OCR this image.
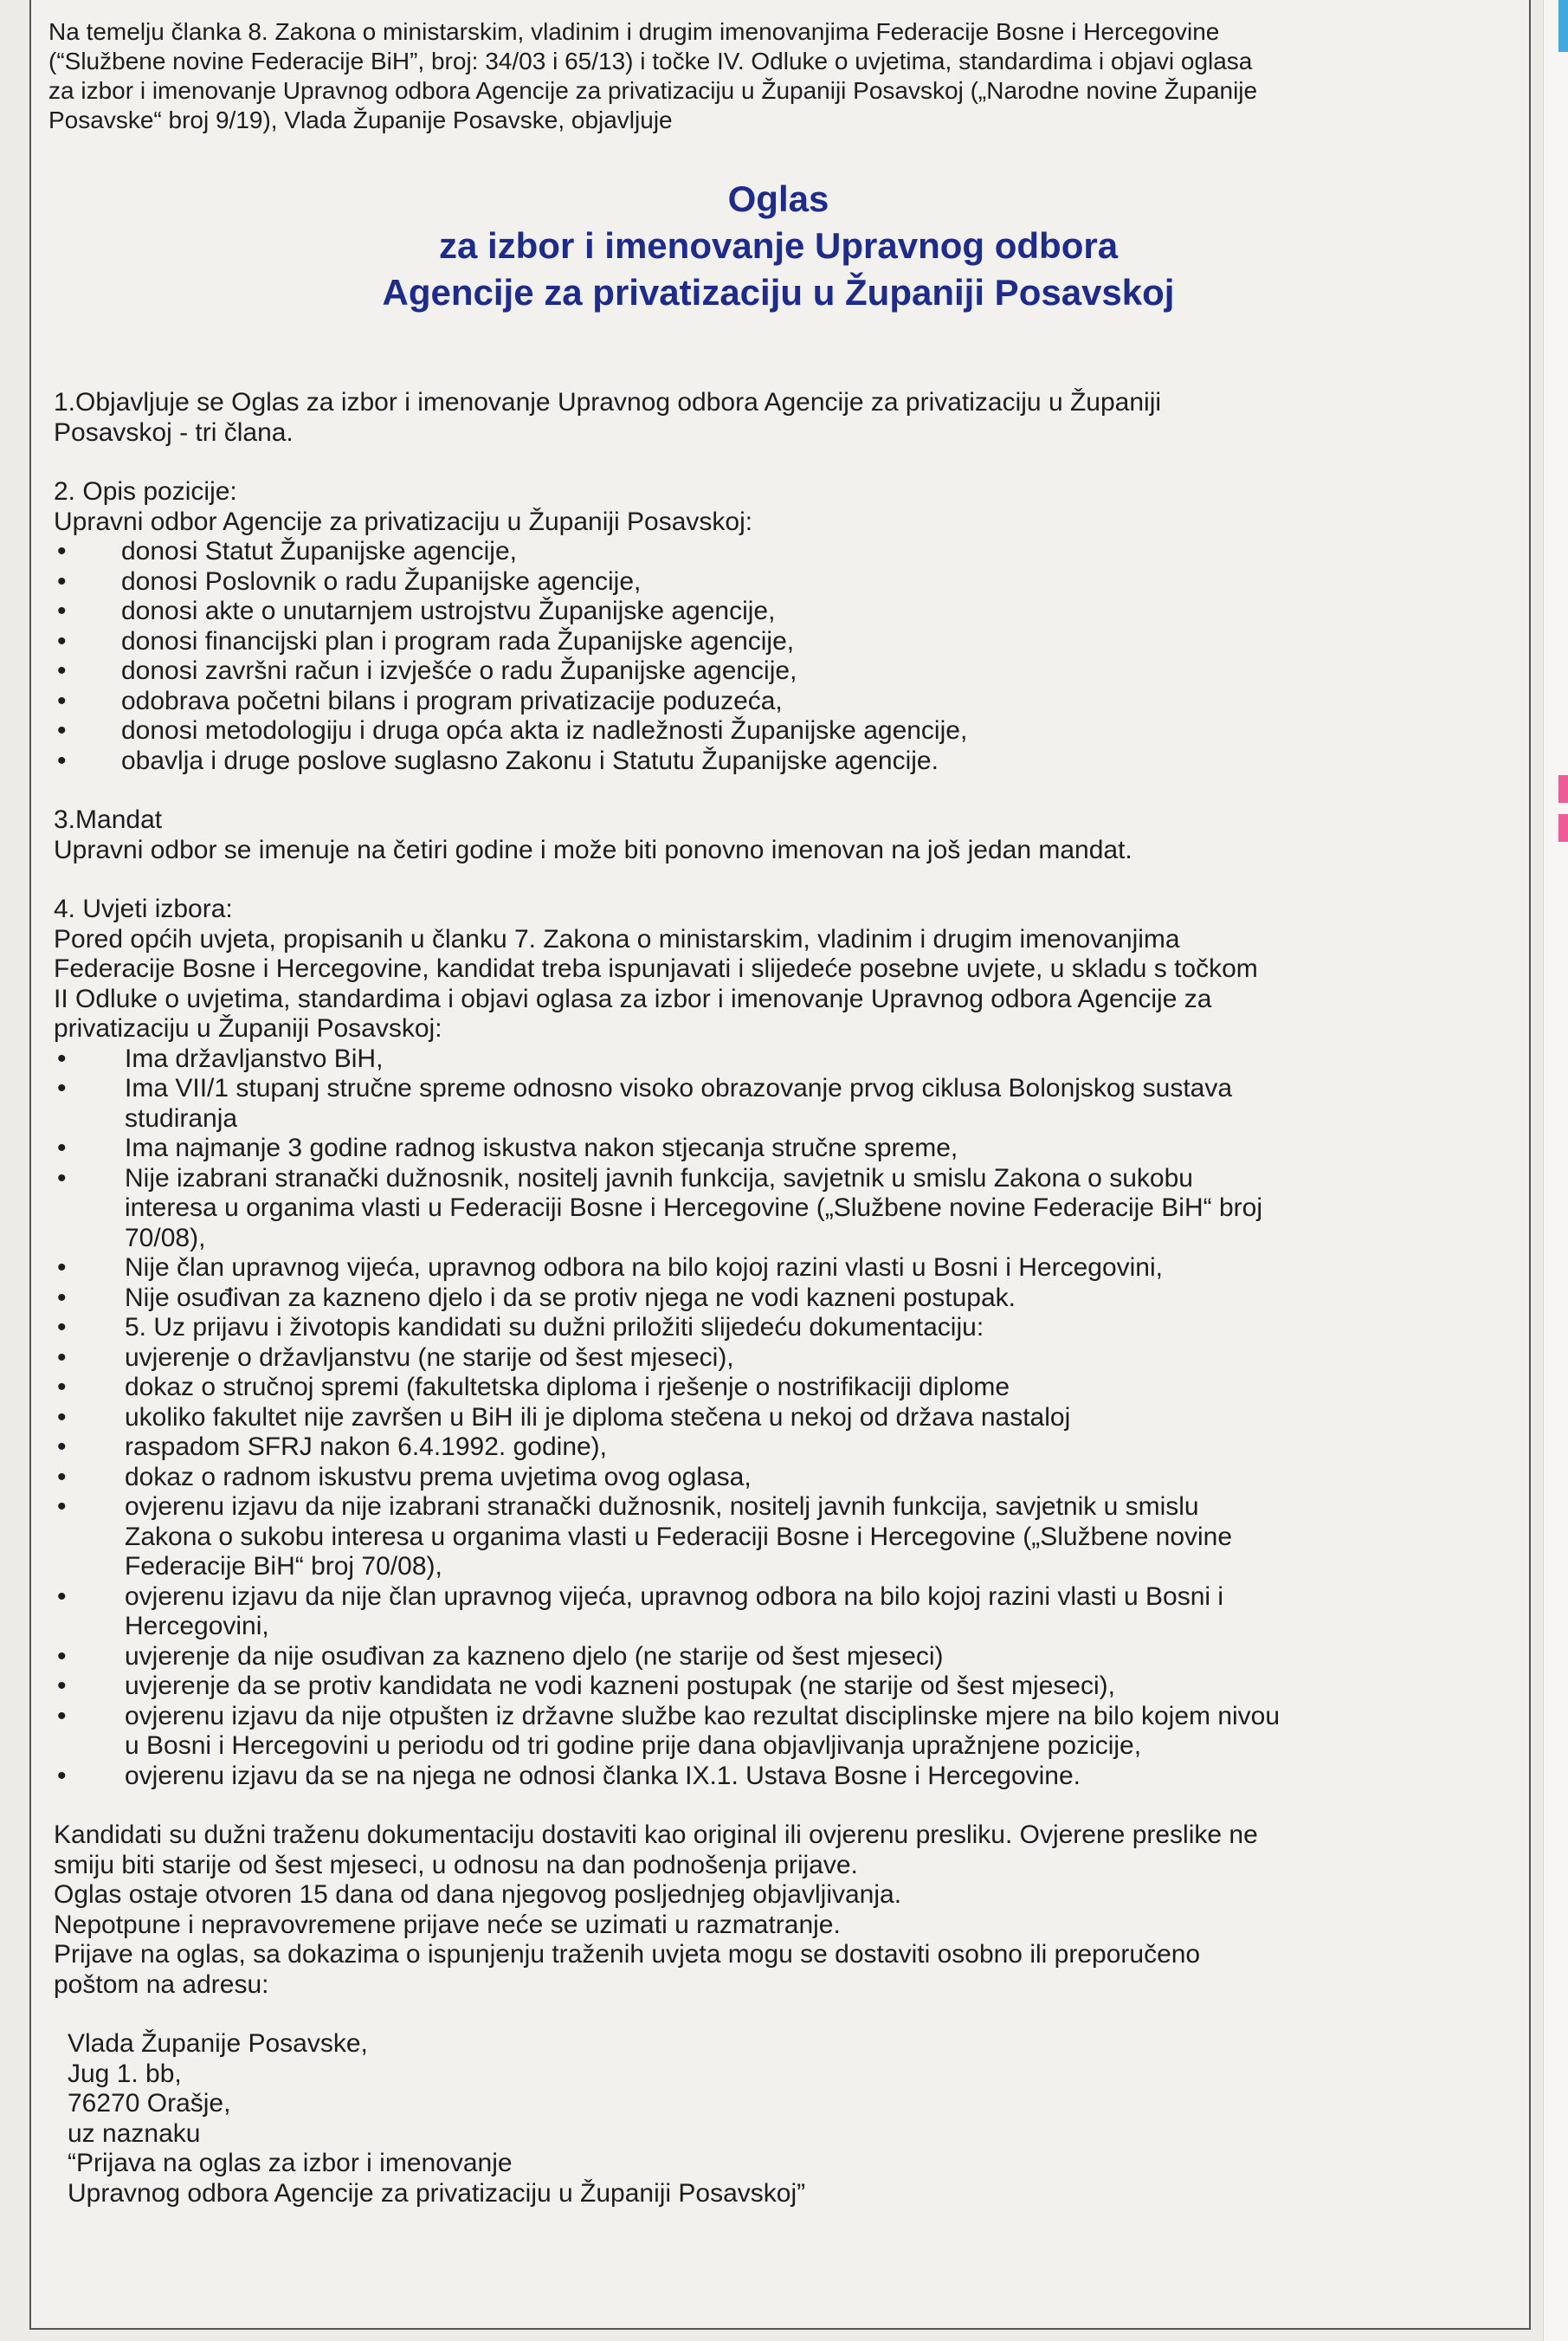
Na temelju članka 8. Zakona o ministarskim, vladinim i drugim imenovanjima Federacije Bosne i Hercegovine

(“Službene novine Federacije BiH”, broj: 34/03 i 65/13) i točke IV. Odluke o uvjetima, standardima i objavi oglasa

za izbor i imenovanje Upravnog odbora Agencije za privatizaciju u Županiji Posavskoj („Narodne novine Županije

Posavske“ broj 9/19), Vlada Županije Posavske, objavljuje

Oglas
za izbor i imenovanje Upravnog odbora
Agencije za privatizaciju u Županiji Posavskoj

1.Objavljuje se Oglas za izbor i imenovanje Upravnog odbora Agencije za privatizaciju u Županiji

Posavskoj - tri člana.

2. Opis pozicije:

Upravni odbor Agencije za privatizaciju u Županiji Posavskoj:

• donosi Statut Županijske agencije,
• donosi Poslovnik o radu Županijske agencije,
• donosi akte o unutarnjem ustrojstvu Županijske agencije,
• donosi financijski plan i program rada Županijske agencije,
• donosi završni račun i izvješće o radu Županijske agencije,
• odobrava početni bilans i program privatizacije poduzeća,
• donosi metodologiju i druga opća akta iz nadležnosti Županijske agencije,
• obavlja i druge poslove suglasno Zakonu i Statutu Županijske agencije.

3.Mandat

Upravni odbor se imenuje na četiri godine i može biti ponovno imenovan na još jedan mandat.

4. Uvjeti izbora:

Pored općih uvjeta, propisanih u članku 7. Zakona o ministarskim, vladinim i drugim imenovanjima

Federacije Bosne i Hercegovine, kandidat treba ispunjavati i slijedeće posebne uvjete, u skladu s točkom

II Odluke o uvjetima, standardima i objavi oglasa za izbor i imenovanje Upravnog odbora Agencije za

privatizaciju u Županiji Posavskoj:

• Ima državljanstvo BiH,
• Ima VII/1 stupanj stručne spreme odnosno visoko obrazovanje prvog ciklusa Bolonjskog sustava
studiranja
• Ima najmanje 3 godine radnog iskustva nakon stjecanja stručne spreme,
• Nije izabrani stranački dužnosnik, nositelj javnih funkcija, savjetnik u smislu Zakona o sukobu
interesa u organima vlasti u Federaciji Bosne i Hercegovine („Službene novine Federacije BiH“ broj
70/08),
• Nije član upravnog vijeća, upravnog odbora na bilo kojoj razini vlasti u Bosni i Hercegovini,
• Nije osuđivan za kazneno djelo i da se protiv njega ne vodi kazneni postupak.
• 5. Uz prijavu i životopis kandidati su dužni priložiti slijedeću dokumentaciju:
• uvjerenje o državljanstvu (ne starije od šest mjeseci),
• dokaz o stručnoj spremi (fakultetska diploma i rješenje o nostrifikaciji diplome
• ukoliko fakultet nije završen u BiH ili je diploma stečena u nekoj od država nastaloj
• raspadom SFRJ nakon 6.4.1992. godine),
• dokaz o radnom iskustvu prema uvjetima ovog oglasa,
• ovjerenu izjavu da nije izabrani stranački dužnosnik, nositelj javnih funkcija, savjetnik u smislu
Zakona o sukobu interesa u organima vlasti u Federaciji Bosne i Hercegovine („Službene novine
Federacije BiH“ broj 70/08),
• ovjerenu izjavu da nije član upravnog vijeća, upravnog odbora na bilo kojoj razini vlasti u Bosni i
Hercegovini,
• uvjerenje da nije osuđivan za kazneno djelo (ne starije od šest mjeseci)
• uvjerenje da se protiv kandidata ne vodi kazneni postupak (ne starije od šest mjeseci),
• ovjerenu izjavu da nije otpušten iz državne službe kao rezultat disciplinske mjere na bilo kojem nivou
u Bosni i Hercegovini u periodu od tri godine prije dana objavljivanja upražnjene pozicije,
• ovjerenu izjavu da se na njega ne odnosi članka IX.1. Ustava Bosne i Hercegovine.

Kandidati su dužni traženu dokumentaciju dostaviti kao original ili ovjerenu presliku. Ovjerene preslike ne

smiju biti starije od šest mjeseci, u odnosu na dan podnošenja prijave.

Oglas ostaje otvoren 15 dana od dana njegovog posljednjeg objavljivanja.

Nepotpune i nepravovremene prijave neće se uzimati u razmatranje.

Prijave na oglas, sa dokazima o ispunjenju traženih uvjeta mogu se dostaviti osobno ili preporučeno

poštom na adresu:

Vlada Županije Posavske,

Jug 1. bb,

76270 Orašje,

uz naznaku

“Prijava na oglas za izbor i imenovanje

Upravnog odbora Agencije za privatizaciju u Županiji Posavskoj”
